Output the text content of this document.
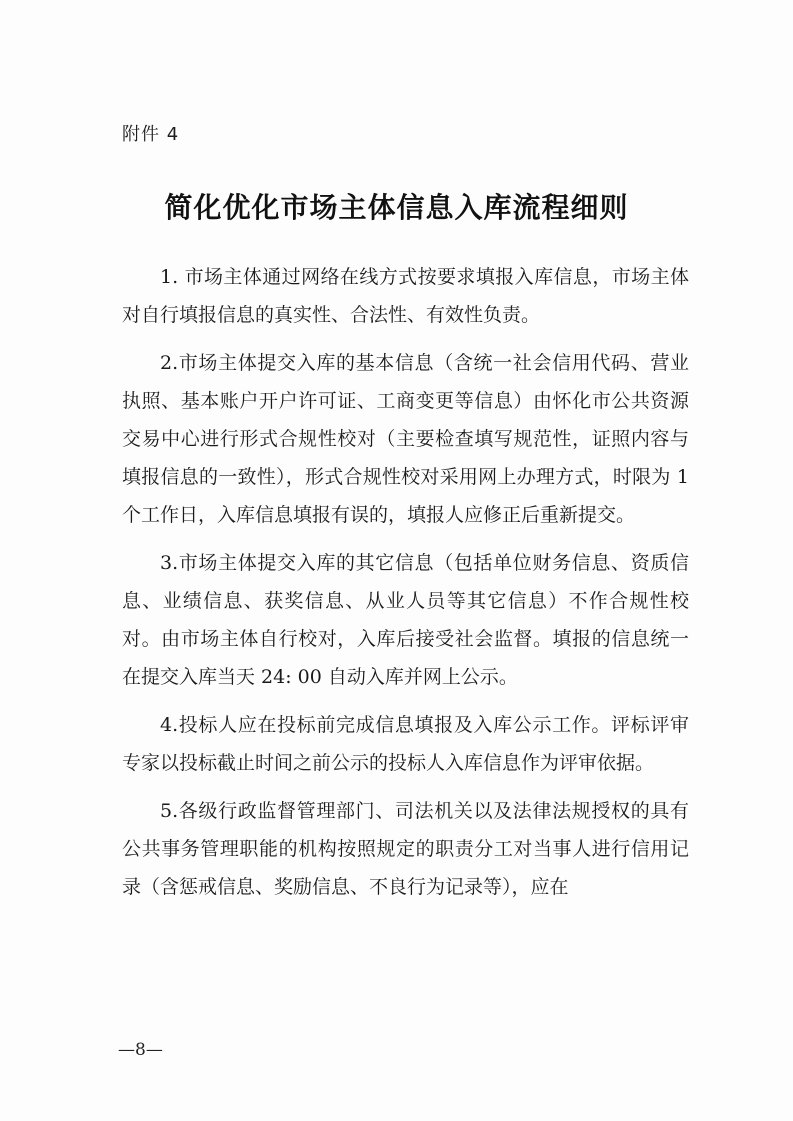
附件 4
简化优化市场主体信息入库流程细则

1. 市场主体通过网络在线方式按要求填报入库信息，市场主体对自行填报信息的真实性、合法性、有效性负责。

2.市场主体提交入库的基本信息（含统一社会信用代码、营业执照、基本账户开户许可证、工商变更等信息）由怀化市公共资源交易中心进行形式合规性校对（主要检查填写规范性，证照内容与填报信息的一致性），形式合规性校对采用网上办理方式，时限为 1 个工作日，入库信息填报有误的，填报人应修正后重新提交。

3.市场主体提交入库的其它信息（包括单位财务信息、资质信息、业绩信息、获奖信息、从业人员等其它信息）不作合规性校对。由市场主体自行校对，入库后接受社会监督。填报的信息统一在提交入库当天 24: 00 自动入库并网上公示。

4.投标人应在投标前完成信息填报及入库公示工作。评标评审专家以投标截止时间之前公示的投标人入库信息作为评审依据。

5.各级行政监督管理部门、司法机关以及法律法规授权的具有公共事务管理职能的机构按照规定的职责分工对当事人进行信用记录（含惩戒信息、奖励信息、不良行为记录等），应在

—8—
